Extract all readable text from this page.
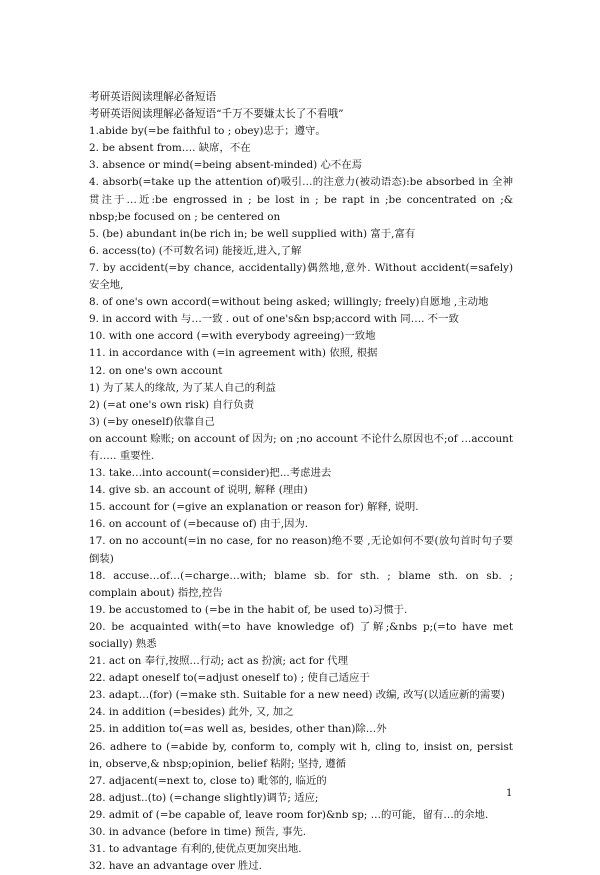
考研英语阅读理解必备短语

考研英语阅读理解必备短语“千万不要嫌太长了不看哦”

1.abide by(=be faithful to ; obey)忠于；遵守。

2. be absent from…. 缺席，不在

3. absence or mind(=being absent-minded) 心不在焉

4. absorb(=take up the attention of)吸引…的注意力(被动语态):be absorbed in 全神贯注于…近:be engrossed in ; be lost in ; be rapt in ;be concentrated on ;& nbsp;be focused on ; be centered on

5. (be) abundant in(be rich in; be well supplied with) 富于,富有

6. access(to) (不可数名词) 能接近,进入,了解

7. by accident(=by chance, accidentally)偶然地,意外. Without accident(=safely) 安全地,

8. of one's own accord(=without being asked; willingly; freely)自愿地 ,主动地

9. in accord with 与…一致 . out of one's&n bsp;accord with 同…. 不一致

10. with one accord (=with everybody agreeing)一致地

11. in accordance with (=in agreement with) 依照, 根据

12. on one's own account

1) 为了某人的缘故, 为了某人自己的利益

2) (=at one's own risk) 自行负责

3) (=by oneself)依靠自己

on account 赊账; on account of 因为; on ;no account 不论什么原因也不;of …account 有….. 重要性.

13. take…into account(=consider)把...考虑进去

14. give sb. an account of 说明, 解释 (理由)

15. account for (=give an explanation or reason for) 解释, 说明.

16. on account of (=because of) 由于,因为.

17. on no account(=in no case, for no reason)绝不要 ,无论如何不要(放句首时句子要倒装)

18. accuse…of…(=charge…with; blame sb. for sth. ; blame sth. on sb. ; complain about) 指控,控告

19. be accustomed to (=be in the habit of, be used to)习惯于.

20. be acquainted with(=to have knowledge of) 了解;&nbs p;(=to have met socially) 熟悉

21. act on 奉行,按照…行动; act as 扮演; act for 代理

22. adapt oneself to(=adjust oneself to) ; 使自己适应于

23. adapt…(for) (=make sth. Suitable for a new need) 改编, 改写(以适应新的需要)

24. in addition (=besides) 此外, 又, 加之

25. in addition to(=as well as, besides, other than)除…外

26. adhere to (=abide by, conform to, comply wit h, cling to, insist on, persist in, observe,& nbsp;opinion, belief 粘附; 坚持, 遵循

27. adjacent(=next to, close to) 毗邻的, 临近的

28. adjust..(to) (=change slightly)调节; 适应;

29. admit of (=be capable of, leave room for)&nb sp; …的可能，留有…的余地.

30. in advance (before in time) 预告, 事先.

31. to advantage 有利的,使优点更加突出地.

32. have an advantage over 胜过.

1
